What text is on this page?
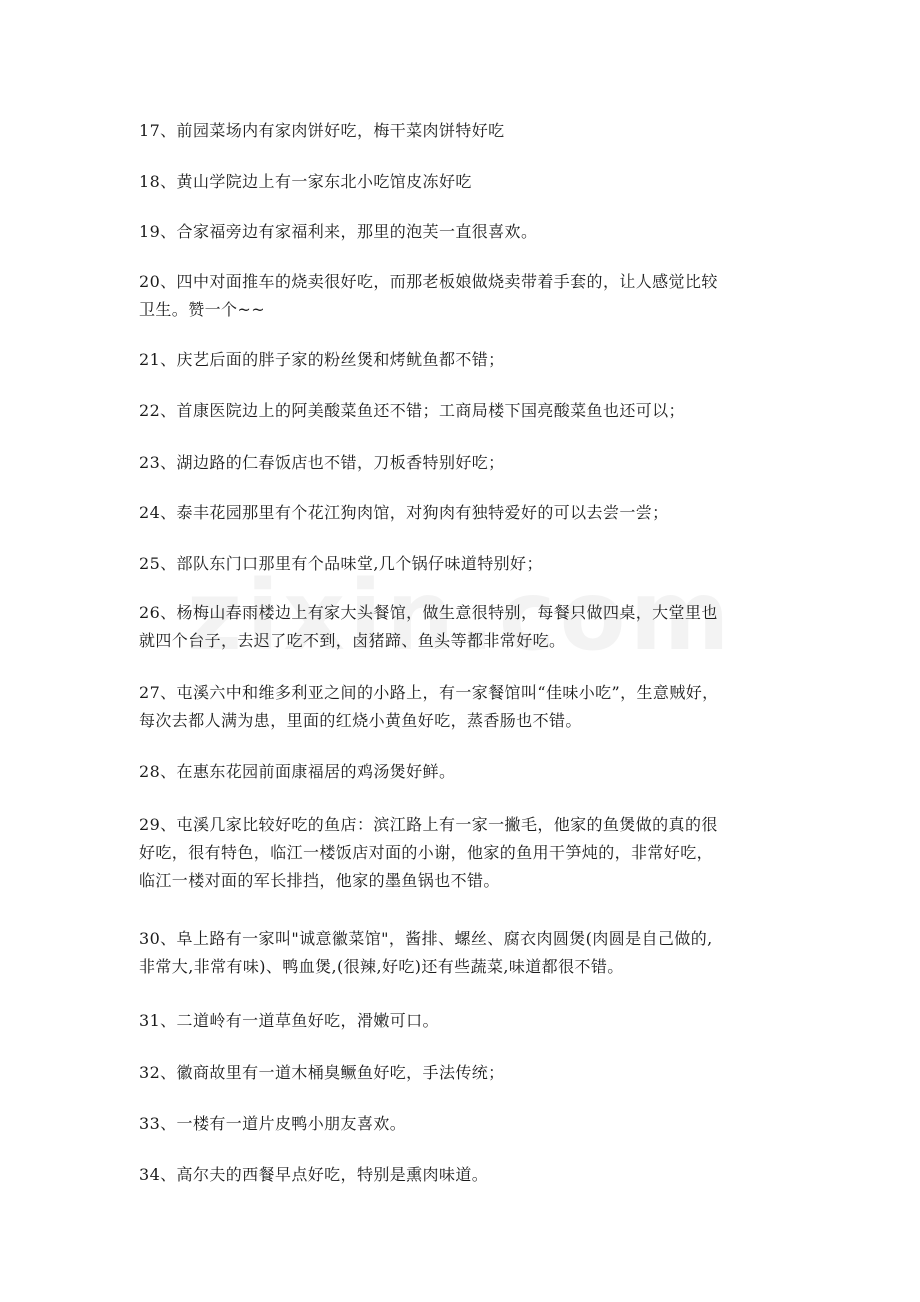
17、前园菜场内有家肉饼好吃，梅干菜肉饼特好吃

18、黄山学院边上有一家东北小吃馆皮冻好吃

19、合家福旁边有家福利来，那里的泡芙一直很喜欢。

20、四中对面推车的烧卖很好吃，而那老板娘做烧卖带着手套的，让人感觉比较
卫生。赞一个~~

21、庆艺后面的胖子家的粉丝煲和烤鱿鱼都不错；

22、首康医院边上的阿美酸菜鱼还不错；工商局楼下国亮酸菜鱼也还可以；

23、湖边路的仁春饭店也不错，刀板香特别好吃；

24、泰丰花园那里有个花江狗肉馆，对狗肉有独特爱好的可以去尝一尝；

25、部队东门口那里有个品味堂,几个锅仔味道特别好；

26、杨梅山春雨楼边上有家大头餐馆，做生意很特别，每餐只做四桌，大堂里也
就四个台子，去迟了吃不到，卤猪蹄、鱼头等都非常好吃。

27、屯溪六中和维多利亚之间的小路上，有一家餐馆叫“佳味小吃”，生意贼好，
每次去都人满为患，里面的红烧小黄鱼好吃，蒸香肠也不错。

28、在惠东花园前面康福居的鸡汤煲好鲜。

29、屯溪几家比较好吃的鱼店：滨江路上有一家一撇毛，他家的鱼煲做的真的很
好吃，很有特色，临江一楼饭店对面的小谢，他家的鱼用干笋炖的，非常好吃，
临江一楼对面的军长排挡，他家的墨鱼锅也不错。

30、阜上路有一家叫"诚意徽菜馆"，酱排、螺丝、腐衣肉圆煲(肉圆是自己做的,
非常大,非常有味)、鸭血煲,(很辣,好吃)还有些蔬菜,味道都很不错。

31、二道岭有一道草鱼好吃，滑嫩可口。

32、徽商故里有一道木桶臭鳜鱼好吃，手法传统；

33、一楼有一道片皮鸭小朋友喜欢。

34、高尔夫的西餐早点好吃，特别是熏肉味道。
